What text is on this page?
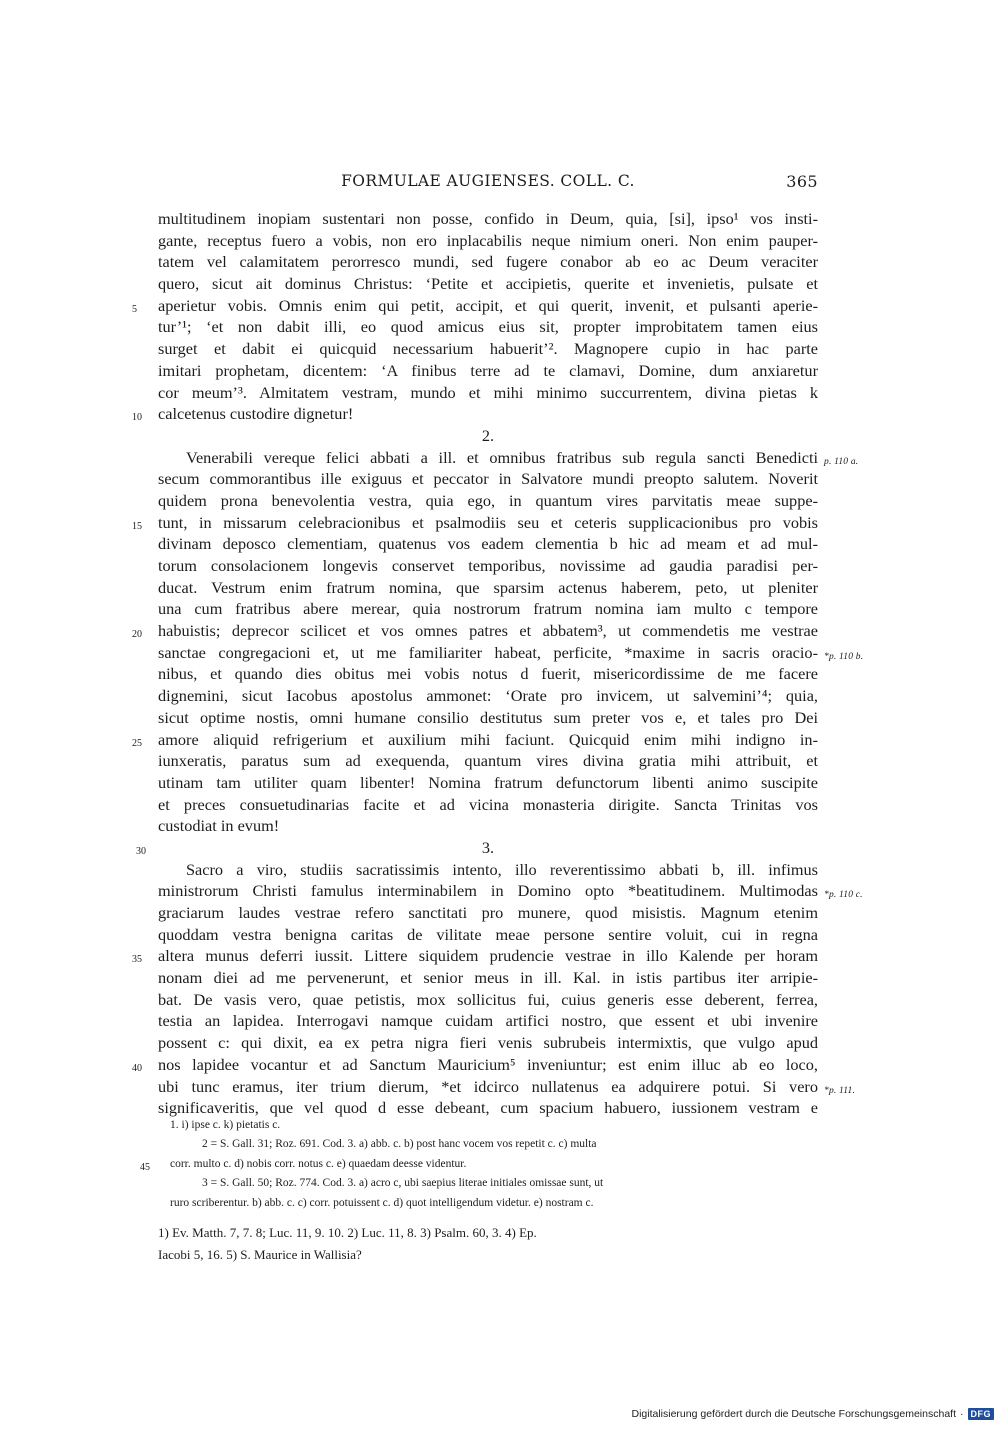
FORMULAE AUGIENSES. COLL. C.	365
multitudinem inopiam sustentari non posse, confido in Deum, quia, [si], ipso¹ vos insti-
gante, receptus fuero a vobis, non ero inplacabilis neque nimium oneri. Non enim pauper-
tatem vel calamitatem perorresco mundi, sed fugere conabor ab eo ac Deum veraciter
quero, sicut ait dominus Christus: ‘Petite et accipietis, querite et invenietis, pulsate et
aperietur vobis. Omnis enim qui petit, accipit, et qui querit, invenit, et pulsanti aperie-
5
tur’¹; ‘et non dabit illi, eo quod amicus eius sit, propter improbitatem tamen eius
surget et dabit ei quicquid necessarium habuerit’². Magnopere cupio in hac parte
imitari prophetam, dicentem: ‘A finibus terre ad te clamavi, Domine, dum anxiaretur
cor meum’³. Almitatem vestram, mundo et mihi minimo succurrentem, divina pietas k
calcetenus custodire dignetur!
10
2.
Venerabili vereque felici abbati a ill. et omnibus fratribus sub regula sancti Benedicti p. 110 a.
secum commorantibus ille exiguus et peccator in Salvatore mundi preopto salutem. Noverit
quidem prona benevolentia vestra, quia ego, in quantum vires parvitatis meae suppe-
tunt, in missarum celebracionibus et psalmodiis seu et ceteris supplicacionibus pro vobis
15
divinam deposco clementiam, quatenus vos eadem clementia b hic ad meam et ad mul-
torum consolacionem longevis conservet temporibus, novissime ad gaudia paradisi per-
ducat. Vestrum enim fratrum nomina, que sparsim actenus haberem, peto, ut pleniter
una cum fratribus abere merear, quia nostrorum fratrum nomina iam multo c tempore
habuistis; deprecor scilicet et vos omnes patres et abbatem³, ut commendetis me vestrae
20
sanctae congregacioni et, ut me familiariter habeat, perficite, *maxime in sacris oracio- *p. 110 b.
nibus, et quando dies obitus mei vobis notus d fuerit, misericordissime de me facere
dignemini, sicut Iacobus apostolus ammonet: ‘Orate pro invicem, ut salvemini’⁴; quia,
sicut optime nostis, omni humane consilio destitutus sum preter vos e, et tales pro Dei
amore aliquid refrigerium et auxilium mihi faciunt. Quicquid enim mihi indigno in-
25
iunxeratis, paratus sum ad exequenda, quantum vires divina gratia mihi attribuit, et
utinam tam utiliter quam libenter! Nomina fratrum defunctorum libenti animo suscipite
et preces consuetudinarias facite et ad vicina monasteria dirigite. Sancta Trinitas vos
custodiat in evum!
3.
30
Sacro a viro, studiis sacratissimis intento, illo reverentissimo abbati b, ill. infimus
ministrorum Christi famulus interminabilem in Domino opto *beatitudinem. Multimodas *p. 110 c.
graciarum laudes vestrae refero sanctitati pro munere, quod misistis. Magnum etenim
quoddam vestra benigna caritas de vilitate meae persone sentire voluit, cui in regna
altera munus deferri iussit. Littere siquidem prudencie vestrae in illo Kalende per horam
35
nonam diei ad me pervenerunt, et senior meus in ill. Kal. in istis partibus iter arripie-
bat. De vasis vero, quae petistis, mox sollicitus fui, cuius generis esse deberent, ferrea,
testia an lapidea. Interrogavi namque cuidam artifici nostro, que essent et ubi invenire
possent c: qui dixit, ea ex petra nigra fieri venis subrubeis intermixtis, que vulgo apud
nos lapidee vocantur et ad Sanctum Mauricium⁵ inveniuntur; est enim illuc ab eo loco,
40
ubi tunc eramus, iter trium dierum, *et idcirco nullatenus ea adquirere potui. Si vero *p. 111.
significaveritis, que vel quod d esse debeant, cum spacium habuero, iussionem vestram e
1. i) ipse c. k) pietatis c.
2 = S. Gall. 31; Roz. 691. Cod. 3. a) abb. c. b) post hanc vocem vos repetit c. c) multa
corr. multo c. d) nobis corr. notus c. e) quaedam deesse videntur.
45
3 = S. Gall. 50; Roz. 774. Cod. 3. a) acro c, ubi saepius literae initiales omissae sunt, ut
ruro scriberentur. b) abb. c. c) corr. potuissent c. d) quot intelligendum videtur. e) nostram c.
1) Ev. Matth. 7, 7. 8; Luc. 11, 9. 10. 2) Luc. 11, 8. 3) Psalm. 60, 3. 4) Ep.
Iacobi 5, 16. 5) S. Maurice in Wallisia?
Digitalisierung gefördert durch die Deutsche Forschungsgemeinschaft · DFG
